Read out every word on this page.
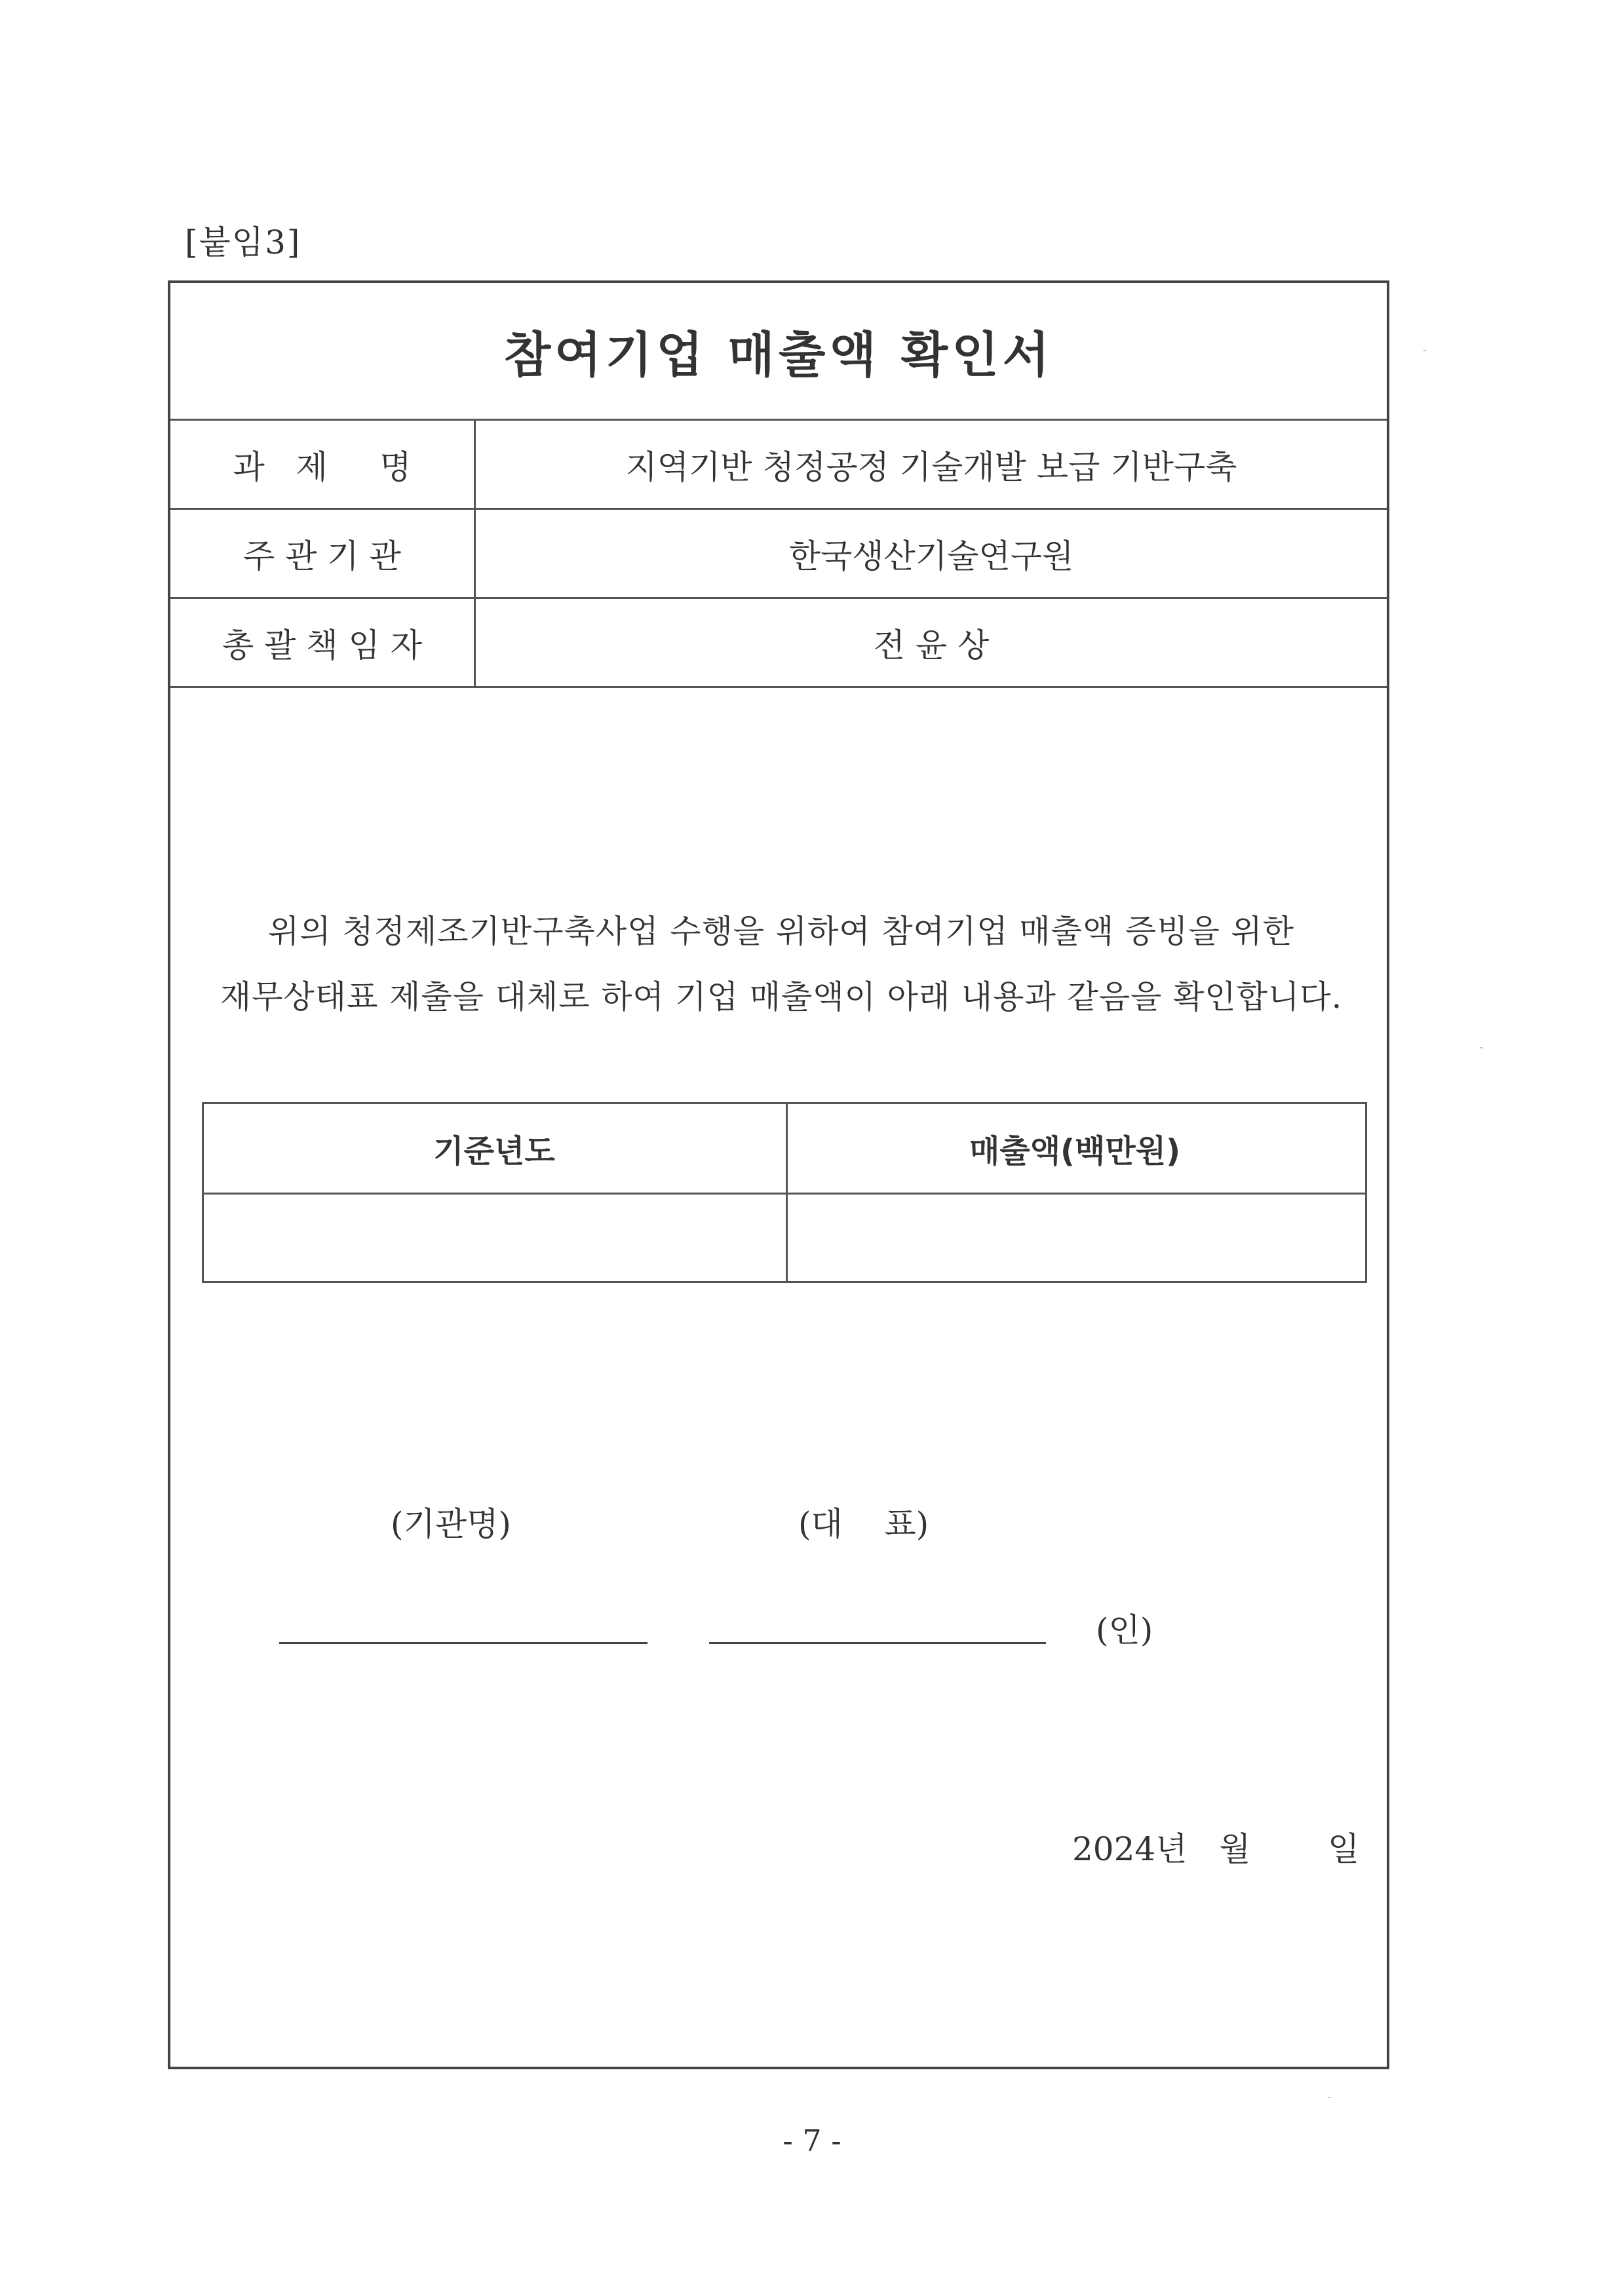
[붙임3]
참여기업 매출액 확인서
과   제     명	지역기반 청정공정 기술개발 보급 기반구축
주 관 기 관	한국생산기술연구원
총 괄 책 임 자	전 윤 상
위의 청정제조기반구축사업 수행을 위하여 참여기업 매출액 증빙을 위한
재무상태표 제출을 대체로 하여 기업 매출액이 아래 내용과 같음을 확인합니다.
기준년도	매출액(백만원)
(기관명)	(대    표)
(인)
2024년 월 일
- 7 -
